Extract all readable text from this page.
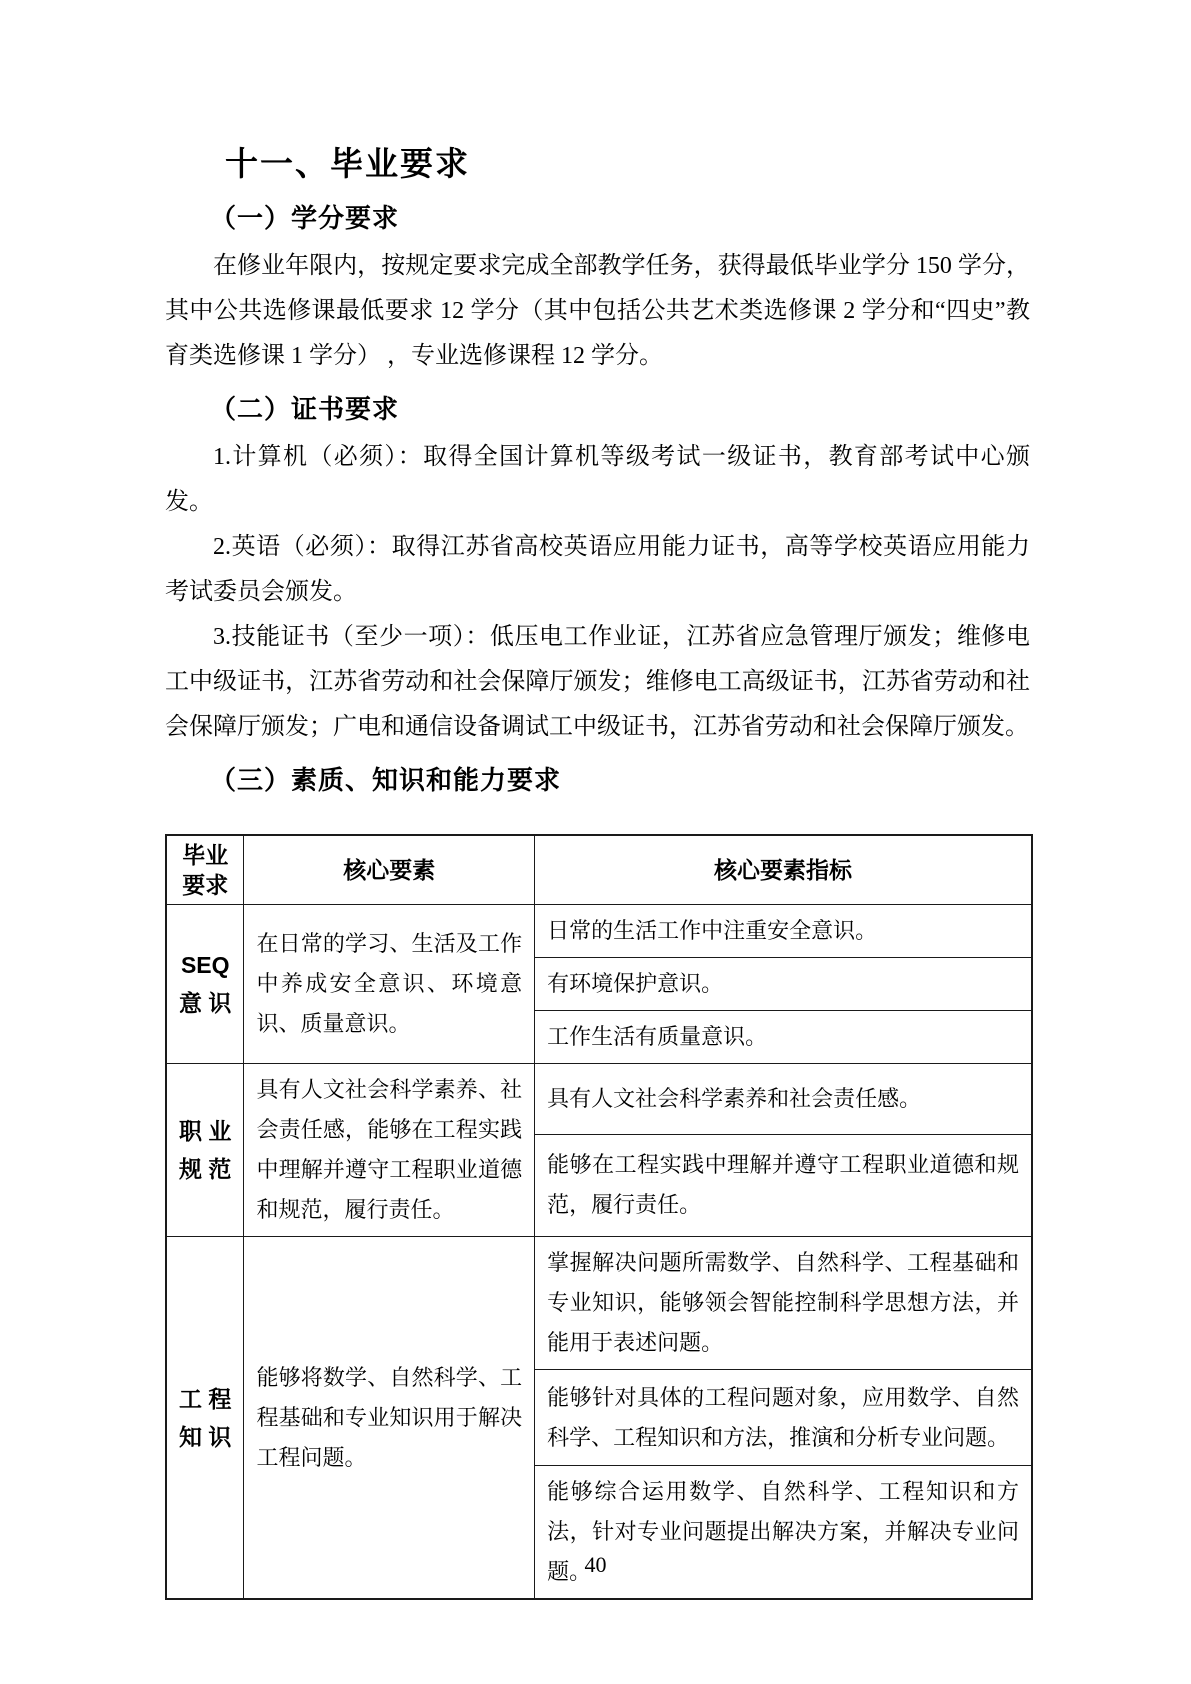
十一、毕业要求
（一）学分要求

在修业年限内，按规定要求完成全部教学任务，获得最低毕业学分 150 学分，其中公共选修课最低要求 12 学分（其中包括公共艺术类选修课 2 学分和“四史”教育类选修课 1 学分） ，专业选修课程 12 学分。

（二）证书要求

1.计算机（必须）：取得全国计算机等级考试一级证书，教育部考试中心颁发。

2.英语（必须）：取得江苏省高校英语应用能力证书，高等学校英语应用能力考试委员会颁发。

3.技能证书（至少一项）：低压电工作业证，江苏省应急管理厅颁发；维修电工中级证书，江苏省劳动和社会保障厅颁发；维修电工高级证书，江苏省劳动和社会保障厅颁发；广电和通信设备调试工中级证书，江苏省劳动和社会保障厅颁发。

（三）素质、知识和能力要求
毕业
要求	核心要素	核心要素指标

SEQ
意 识	在日常的学习、生活及工作中养成安全意识、环境意识、质量意识。	日常的生活工作中注重安全意识。
		有环境保护意识。
		工作生活有质量意识。

职 业
规 范	具有人文社会科学素养、社会责任感，能够在工程实践中理解并遵守工程职业道德和规范，履行责任。	具有人文社会科学素养和社会责任感。
		能够在工程实践中理解并遵守工程职业道德和规范，履行责任。

工 程
知 识	能够将数学、自然科学、工程基础和专业知识用于解决工程问题。	掌握解决问题所需数学、自然科学、工程基础和专业知识，能够领会智能控制科学思想方法，并能用于表述问题。
		能够针对具体的工程问题对象，应用数学、自然科学、工程知识和方法，推演和分析专业问题。
		能够综合运用数学、自然科学、工程知识和方法，针对专业问题提出解决方案，并解决专业问题。
40
